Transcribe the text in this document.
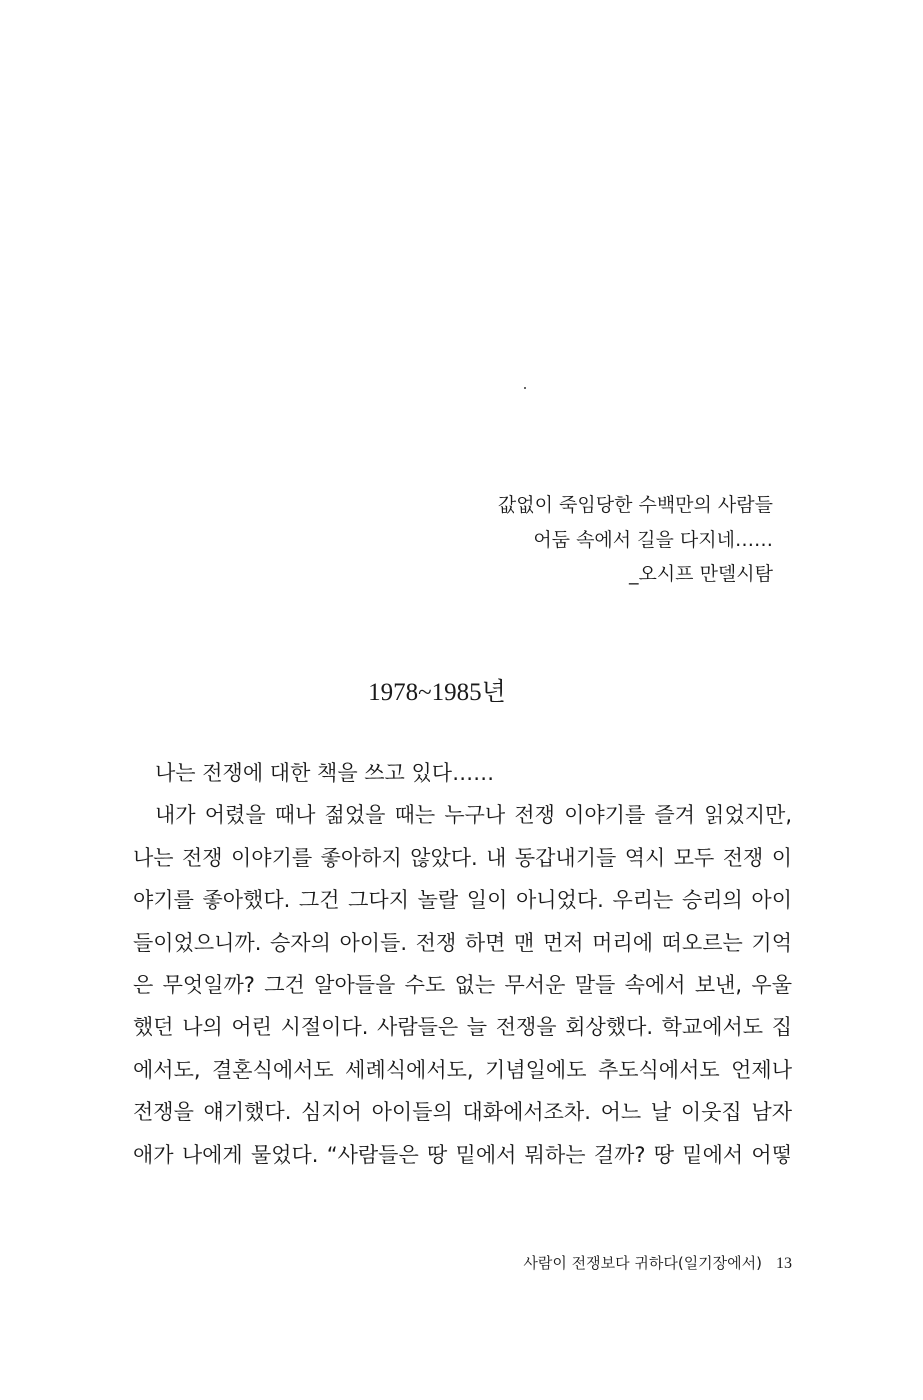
값없이 죽임당한 수백만의 사람들
어둠 속에서 길을 다지네……
_오시프 만델시탐
1978~1985년
나는 전쟁에 대한 책을 쓰고 있다……
내가 어렸을 때나 젊었을 때는 누구나 전쟁 이야기를 즐겨 읽었지만,
나는 전쟁 이야기를 좋아하지 않았다. 내 동갑내기들 역시 모두 전쟁 이
야기를 좋아했다. 그건 그다지 놀랄 일이 아니었다. 우리는 승리의 아이
들이었으니까. 승자의 아이들. 전쟁 하면 맨 먼저 머리에 떠오르는 기억
은 무엇일까? 그건 알아들을 수도 없는 무서운 말들 속에서 보낸, 우울
했던 나의 어린 시절이다. 사람들은 늘 전쟁을 회상했다. 학교에서도 집
에서도, 결혼식에서도 세례식에서도, 기념일에도 추도식에서도 언제나
전쟁을 얘기했다. 심지어 아이들의 대화에서조차. 어느 날 이웃집 남자
애가 나에게 물었다. “사람들은 땅 밑에서 뭐하는 걸까? 땅 밑에서 어떻
사람이 전쟁보다 귀하다(일기장에서) 13
